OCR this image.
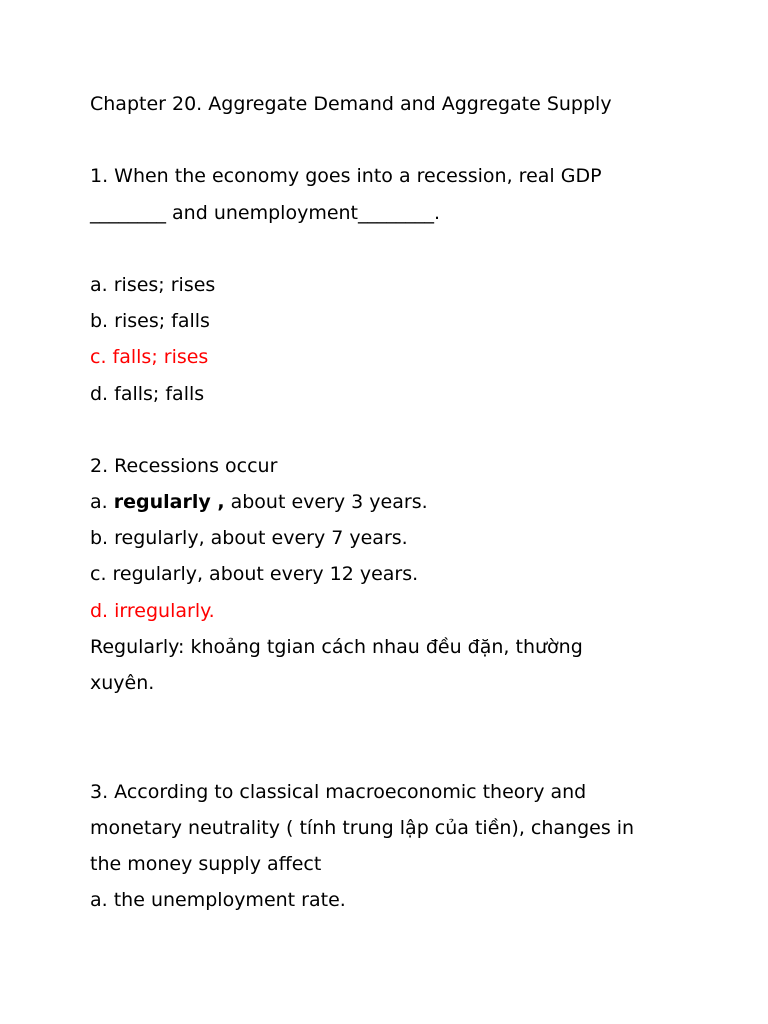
Chapter 20. Aggregate Demand and Aggregate Supply
1. When the economy goes into a recession, real GDP
________ and unemployment________.
a. rises; rises
b. rises; falls
c. falls; rises
d. falls; falls
2. Recessions occur
a. regularly , about every 3 years.
b. regularly, about every 7 years.
c. regularly, about every 12 years.
d. irregularly.
Regularly: khoảng tgian cách nhau đều đặn, thường
xuyên.
3. According to classical macroeconomic theory and
monetary neutrality ( tính trung lập của tiền), changes in
the money supply affect
a. the unemployment rate.
